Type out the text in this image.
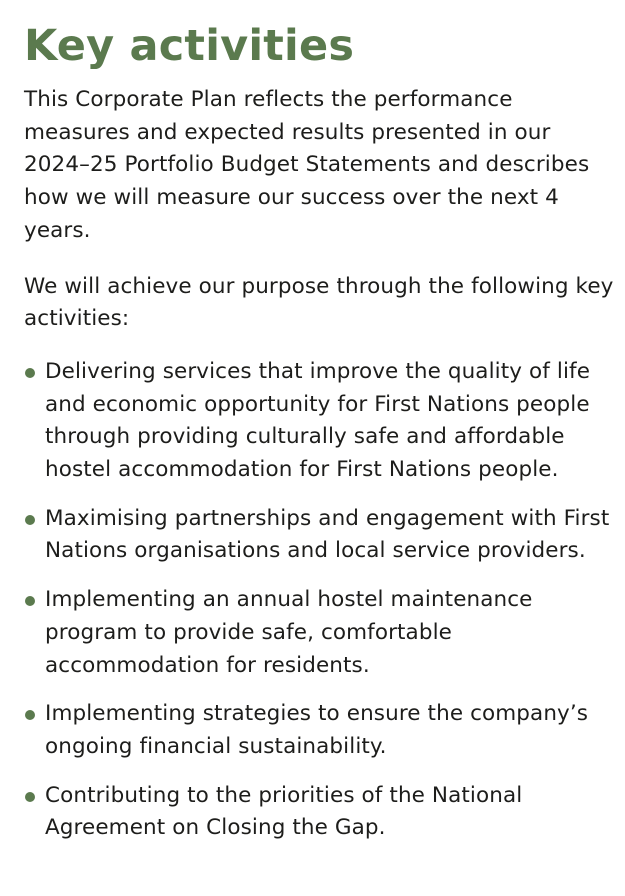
Key activities

This Corporate Plan reflects the performance measures and expected results presented in our 2024–25 Portfolio Budget Statements and describes how we will measure our success over the next 4 years.

We will achieve our purpose through the following key activities:

Delivering services that improve the quality of life and economic opportunity for First Nations people through providing culturally safe and affordable hostel accommodation for First Nations people.
Maximising partnerships and engagement with First Nations organisations and local service providers.
Implementing an annual hostel maintenance program to provide safe, comfortable accommodation for residents.
Implementing strategies to ensure the company’s ongoing financial sustainability.
Contributing to the priorities of the National Agreement on Closing the Gap.
